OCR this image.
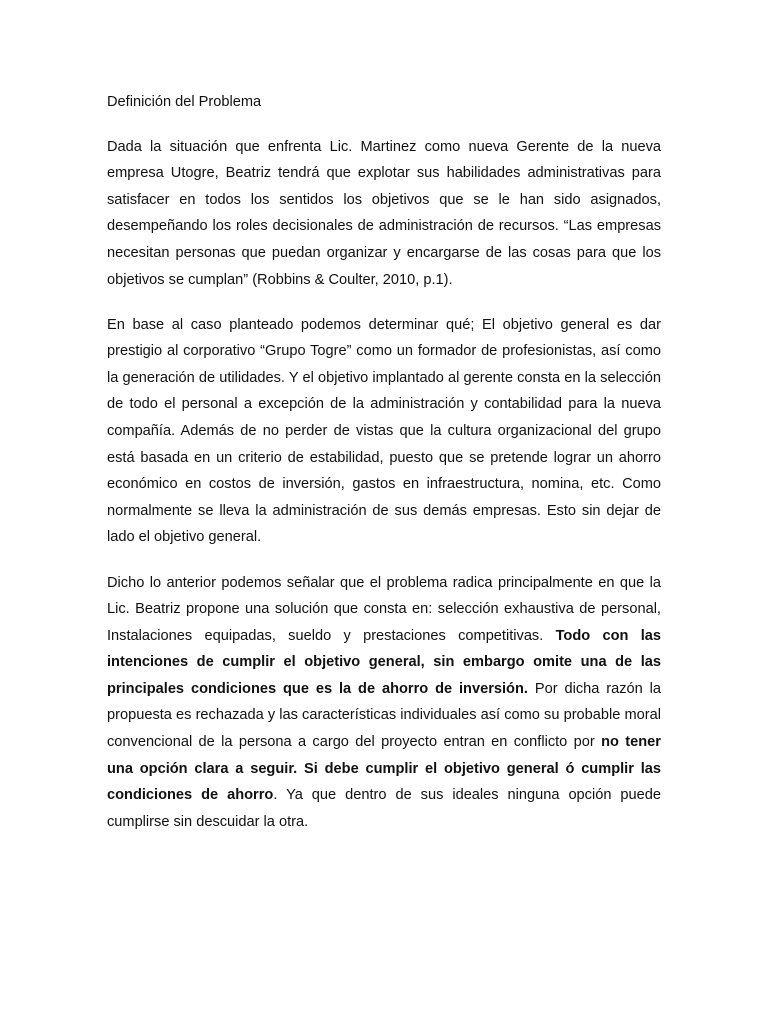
Definición del Problema

Dada la situación que enfrenta Lic. Martinez como nueva Gerente de la nueva empresa Utogre, Beatriz tendrá que explotar sus habilidades administrativas para satisfacer en todos los sentidos los objetivos que se le han sido asignados, desempeñando los roles decisionales de administración de recursos. “Las empresas necesitan personas que puedan organizar y encargarse de las cosas para que los objetivos se cumplan” (Robbins & Coulter, 2010, p.1).

En base al caso planteado podemos determinar qué; El objetivo general es dar prestigio al corporativo “Grupo Togre” como un formador de profesionistas, así como la generación de utilidades. Y el objetivo implantado al gerente consta en la selección de todo el personal a excepción de la administración y contabilidad para la nueva compañía. Además de no perder de vistas que la cultura organizacional del grupo está basada en un criterio de estabilidad, puesto que se pretende lograr un ahorro económico en costos de inversión, gastos en infraestructura, nomina, etc. Como normalmente se lleva la administración de sus demás empresas. Esto sin dejar de lado el objetivo general.

Dicho lo anterior podemos señalar que el problema radica principalmente en que la Lic. Beatriz propone una solución que consta en: selección exhaustiva de personal, Instalaciones equipadas, sueldo y prestaciones competitivas. Todo con las intenciones de cumplir el objetivo general, sin embargo omite una de las principales condiciones que es la de ahorro de inversión. Por dicha razón la propuesta es rechazada y las características individuales así como su probable moral convencional de la persona a cargo del proyecto entran en conflicto por no tener una opción clara a seguir. Si debe cumplir el objetivo general ó cumplir las condiciones de ahorro. Ya que dentro de sus ideales ninguna opción puede cumplirse sin descuidar la otra.
